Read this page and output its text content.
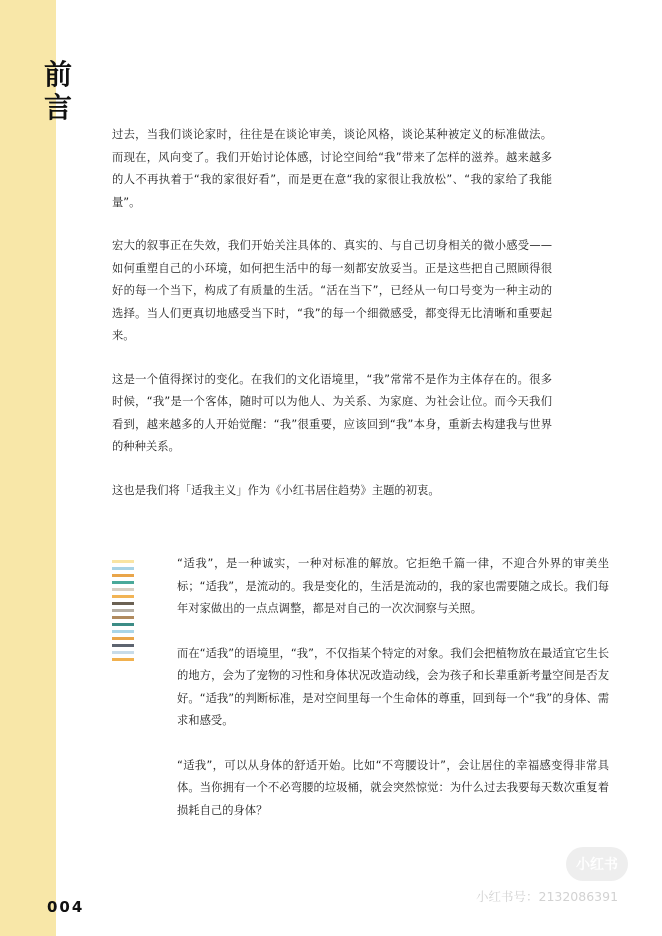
前
言

过去，当我们谈论家时，往往是在谈论审美，谈论风格，谈论某种被定义的标准做法。而现在，风向变了。我们开始讨论体感，讨论空间给“我”带来了怎样的滋养。越来越多的人不再执着于“我的家很好看”，而是更在意“我的家很让我放松”、“我的家给了我能量”。

宏大的叙事正在失效，我们开始关注具体的、真实的、与自己切身相关的微小感受——如何重塑自己的小环境，如何把生活中的每一刻都安放妥当。正是这些把自己照顾得很好的每一个当下，构成了有质量的生活。“活在当下”，已经从一句口号变为一种主动的选择。当人们更真切地感受当下时，“我”的每一个细微感受，都变得无比清晰和重要起来。

这是一个值得探讨的变化。在我们的文化语境里，“我”常常不是作为主体存在的。很多时候，“我”是一个客体，随时可以为他人、为关系、为家庭、为社会让位。而今天我们看到，越来越多的人开始觉醒：“我”很重要，应该回到“我”本身，重新去构建我与世界的种种关系。

这也是我们将「适我主义」作为《小红书居住趋势》主题的初衷。

“适我”，是一种诚实，一种对标准的解放。它拒绝千篇一律，不迎合外界的审美坐标；“适我”，是流动的。我是变化的，生活是流动的，我的家也需要随之成长。我们每年对家做出的一点点调整，都是对自己的一次次洞察与关照。

而在“适我”的语境里，“我”，不仅指某个特定的对象。我们会把植物放在最适宜它生长的地方，会为了宠物的习性和身体状况改造动线，会为孩子和长辈重新考量空间是否友好。“适我”的判断标准，是对空间里每一个生命体的尊重，回到每一个“我”的身体、需求和感受。

“适我”，可以从身体的舒适开始。比如“不弯腰设计”，会让居住的幸福感变得非常具体。当你拥有一个不必弯腰的垃圾桶，就会突然惊觉：为什么过去我要每天数次重复着损耗自己的身体？

004
小红书
小红书号：2132086391
